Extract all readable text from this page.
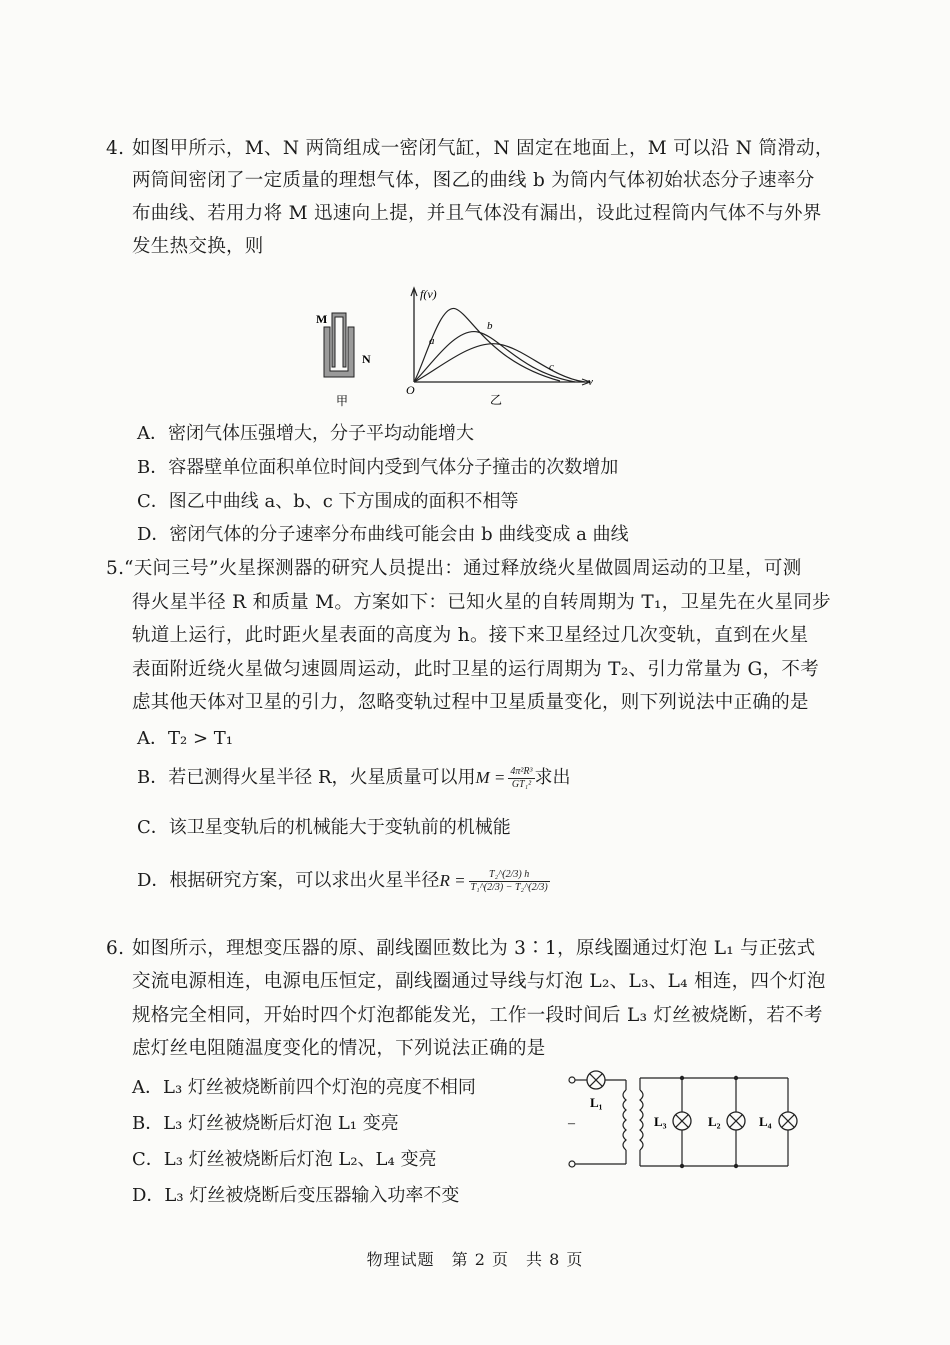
4. 如图甲所示，M、N 两筒组成一密闭气缸，N 固定在地面上，M 可以沿 N 筒滑动，
两筒间密闭了一定质量的理想气体，图乙的曲线 b 为筒内气体初始状态分子速率分
布曲线、若用力将 M 迅速向上提，并且气体没有漏出，设此过程筒内气体不与外界
发生热交换，则
M
N
甲
f(v)
v
O
a
b
c
乙
A．密闭气体压强增大，分子平均动能增大
B．容器壁单位面积单位时间内受到气体分子撞击的次数增加
C．图乙中曲线 a、b、c 下方围成的面积不相等
D．密闭气体的分子速率分布曲线可能会由 b 曲线变成 a 曲线
5. “天问三号”火星探测器的研究人员提出：通过释放绕火星做圆周运动的卫星，可测
得火星半径 R 和质量 M。方案如下：已知火星的自转周期为 T₁，卫星先在火星同步
轨道上运行，此时距火星表面的高度为 h。接下来卫星经过几次变轨，直到在火星
表面附近绕火星做匀速圆周运动，此时卫星的运行周期为 T₂、引力常量为 G，不考
虑其他天体对卫星的引力，忽略变轨过程中卫星质量变化，则下列说法中正确的是
A．T₂ > T₁
B．若已测得火星半径 R，火星质量可以用$M = \frac{\text{4π²R³}}{\text{GT₁²}}$ 求出
C．该卫星变轨后的机械能大于变轨前的机械能
D．根据研究方案，可以求出火星半径$R = \frac{\text{T₂\textasciicircum{}(2/3) h}}{\text{T₁\textasciicircum{}(2/3) − T₂\textasciicircum{}(2/3)}}$
6. 如图所示，理想变压器的原、副线圈匝数比为 3∶1，原线圈通过灯泡 L₁ 与正弦式
交流电源相连，电源电压恒定，副线圈通过导线与灯泡 L₂、L₃、L₄ 相连，四个灯泡
规格完全相同，开始时四个灯泡都能发光，工作一段时间后 L₃ 灯丝被烧断，若不考
虑灯丝电阻随温度变化的情况，下列说法正确的是
A．L₃ 灯丝被烧断前四个灯泡的亮度不相同
B．L₃ 灯丝被烧断后灯泡 L₁ 变亮
C．L₃ 灯丝被烧断后灯泡 L₂、L₄ 变亮
D．L₃ 灯丝被烧断后变压器输入功率不变
–
L₁
L₃	L₂	L₄
物理试题　第 2 页　共 8 页
